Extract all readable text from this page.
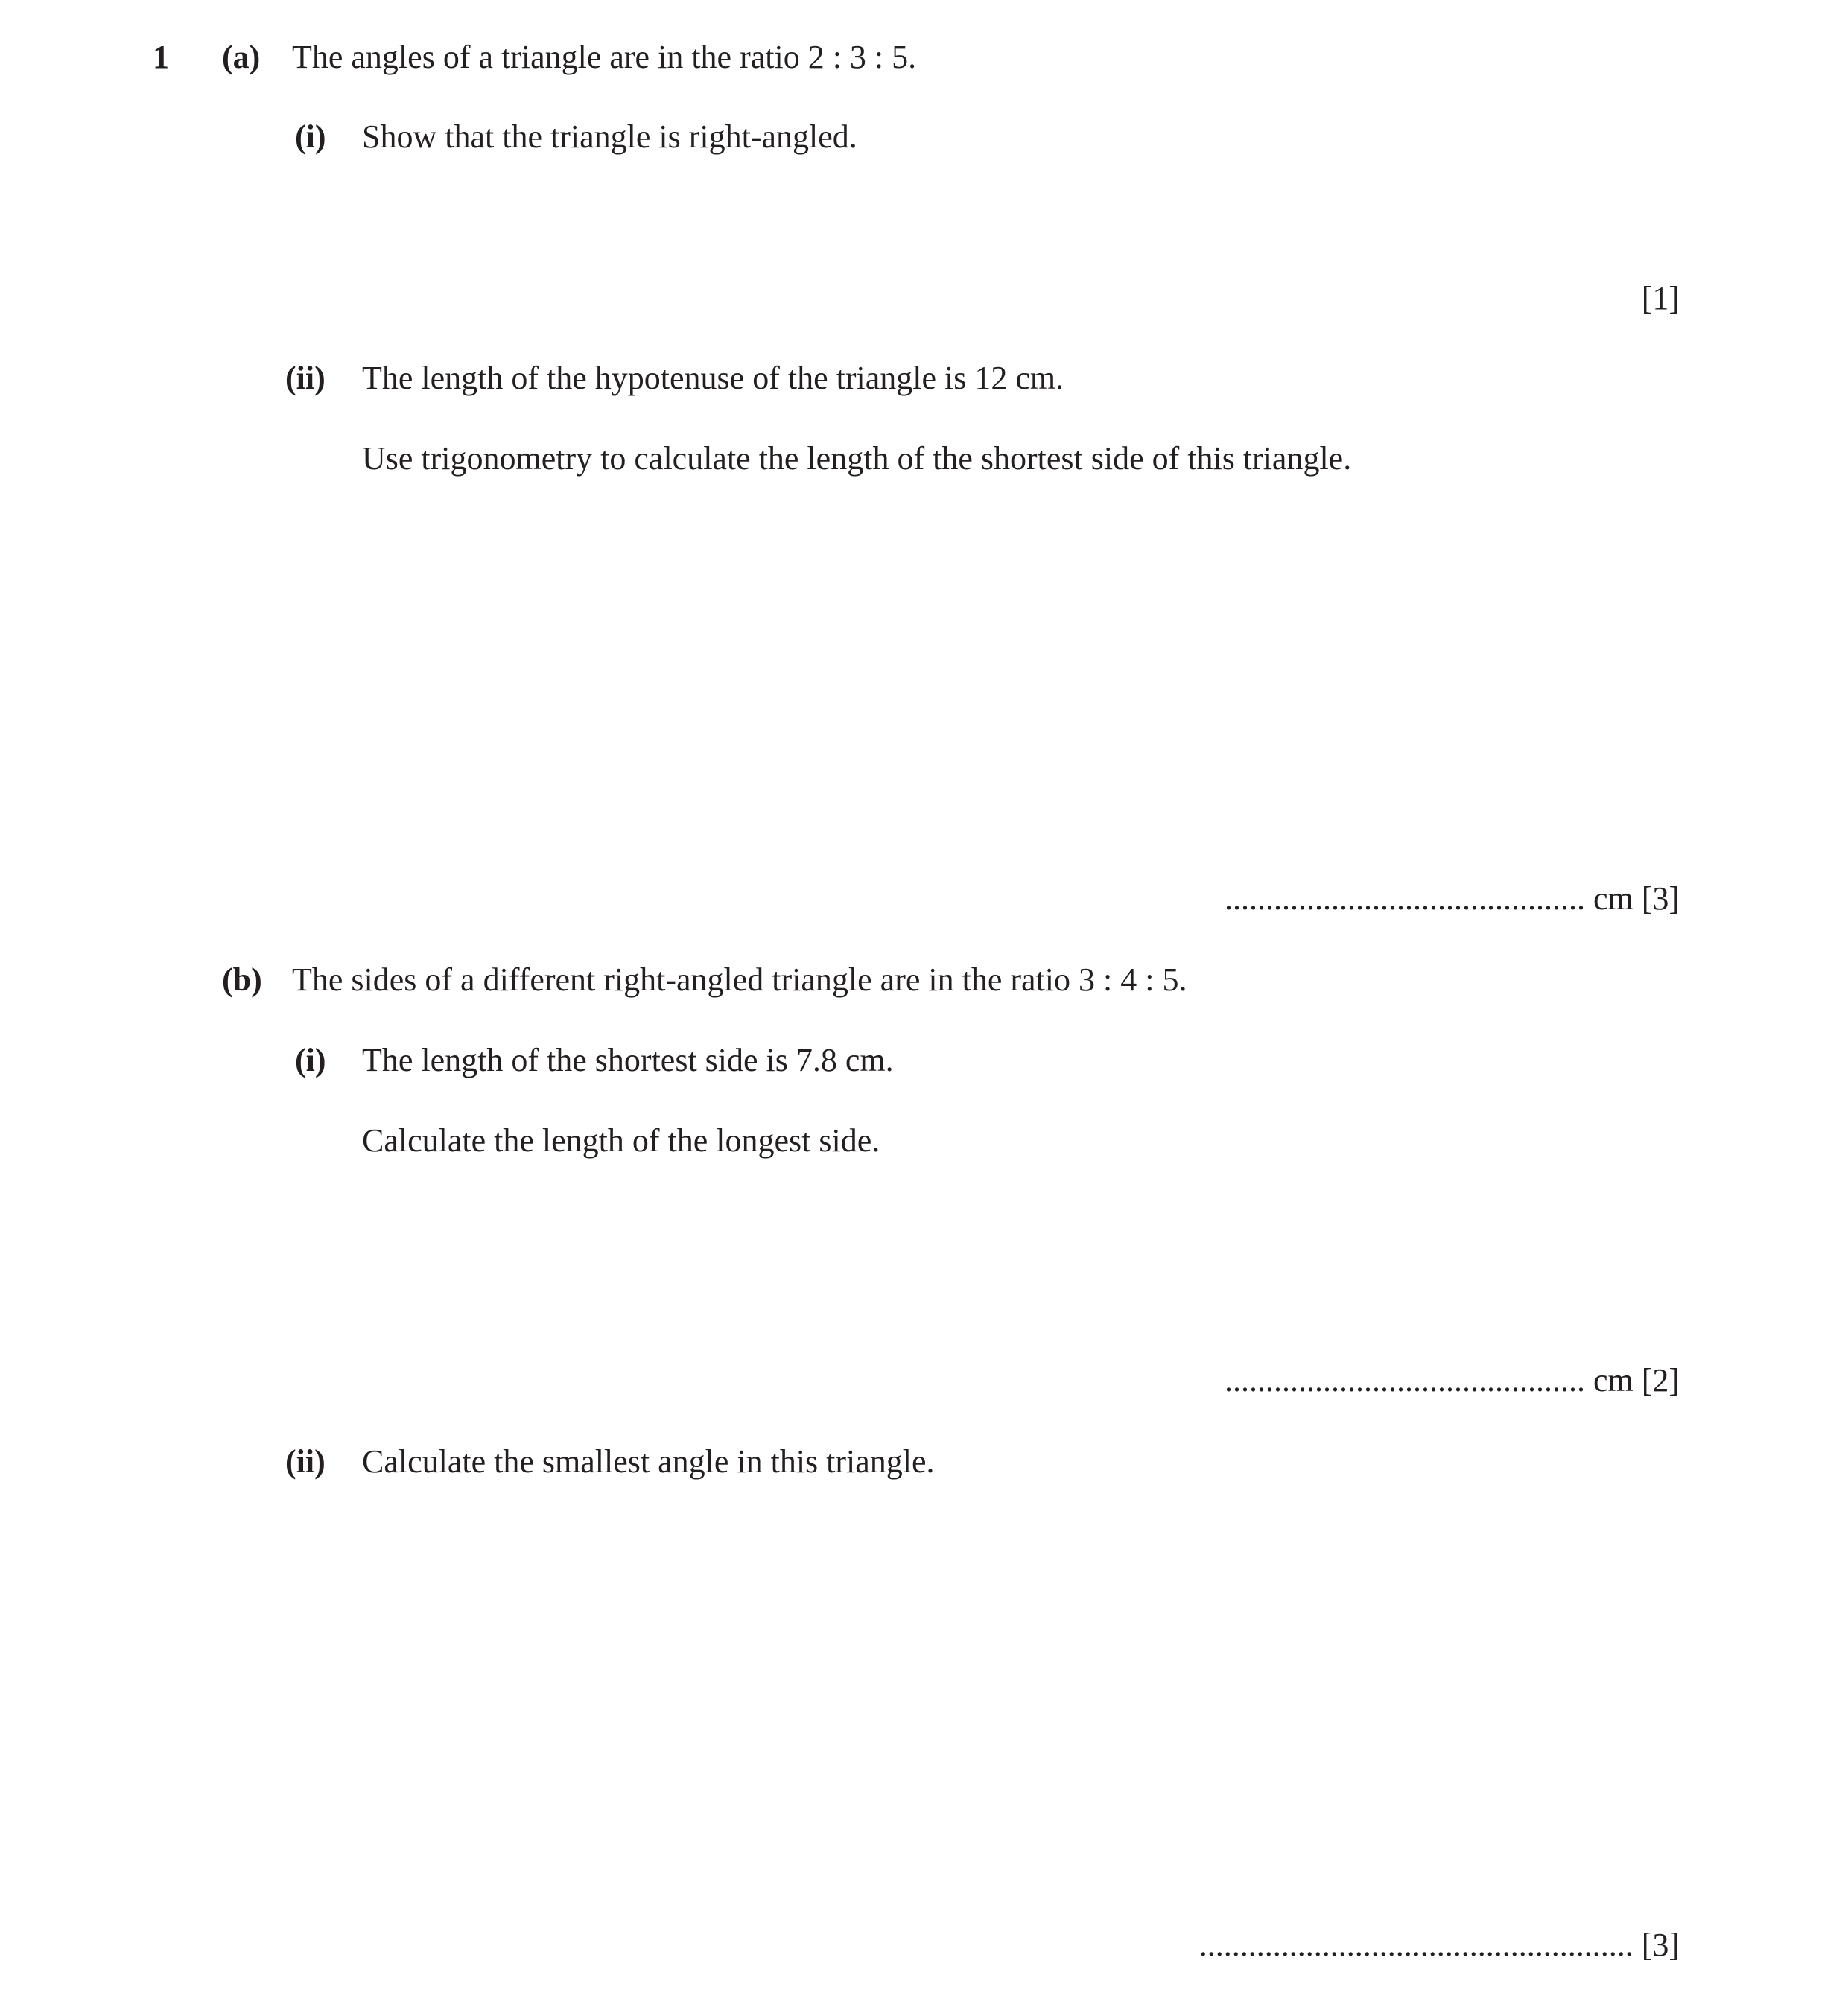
1 (a) The angles of a triangle are in the ratio 2 : 3 : 5.
(i) Show that the triangle is right-angled.
[1]
(ii) The length of the hypotenuse of the triangle is 12 cm.
Use trigonometry to calculate the length of the shortest side of this triangle.
............................................ cm [3]
(b) The sides of a different right-angled triangle are in the ratio 3 : 4 : 5.
(i) The length of the shortest side is 7.8 cm.
Calculate the length of the longest side.
............................................ cm [2]
(ii) Calculate the smallest angle in this triangle.
..................................................... [3]
